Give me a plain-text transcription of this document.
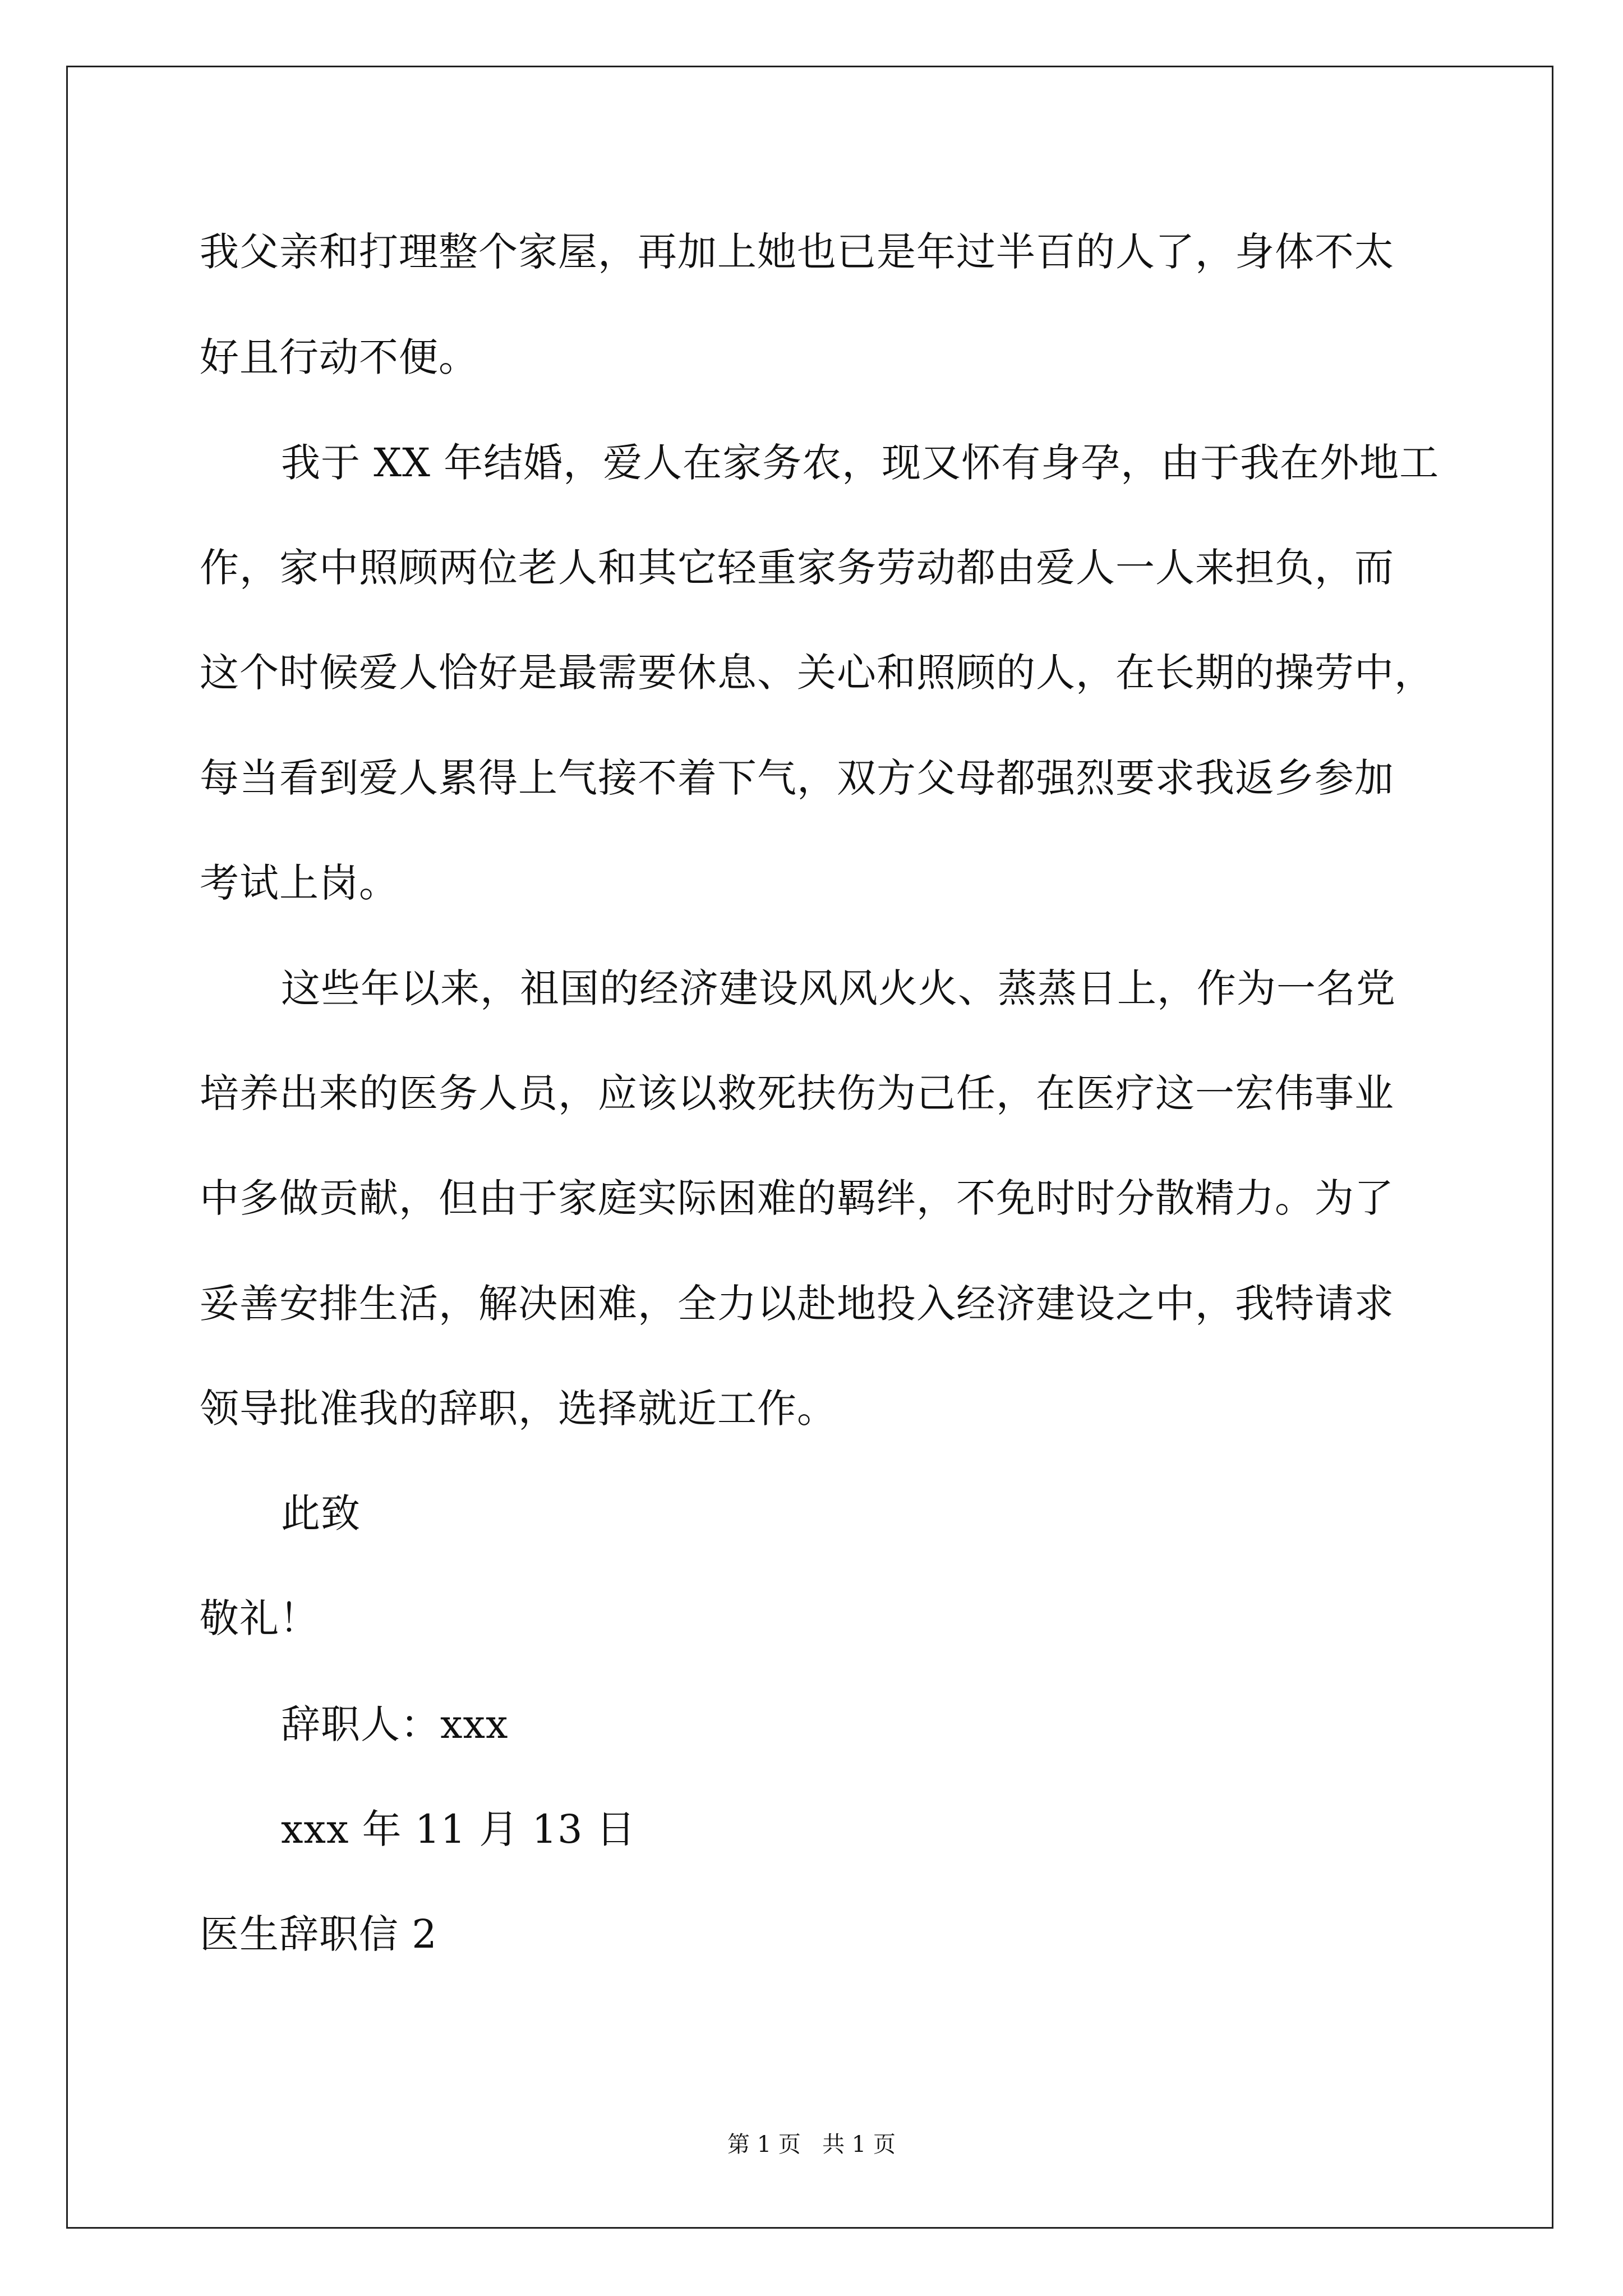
我父亲和打理整个家屋，再加上她也已是年过半百的人了，身体不太
好且行动不便。
我于 XX 年结婚，爱人在家务农，现又怀有身孕，由于我在外地工
作，家中照顾两位老人和其它轻重家务劳动都由爱人一人来担负，而
这个时候爱人恰好是最需要休息、关心和照顾的人，在长期的操劳中，
每当看到爱人累得上气接不着下气，双方父母都强烈要求我返乡参加
考试上岗。
这些年以来，祖国的经济建设风风火火、蒸蒸日上，作为一名党
培养出来的医务人员，应该以救死扶伤为己任，在医疗这一宏伟事业
中多做贡献，但由于家庭实际困难的羁绊，不免时时分散精力。为了
妥善安排生活，解决困难，全力以赴地投入经济建设之中，我特请求
领导批准我的辞职，选择就近工作。
此致
敬礼！
辞职人：xxx
xxx 年 11 月 13 日
医生辞职信 2
第 1 页   共 1 页
